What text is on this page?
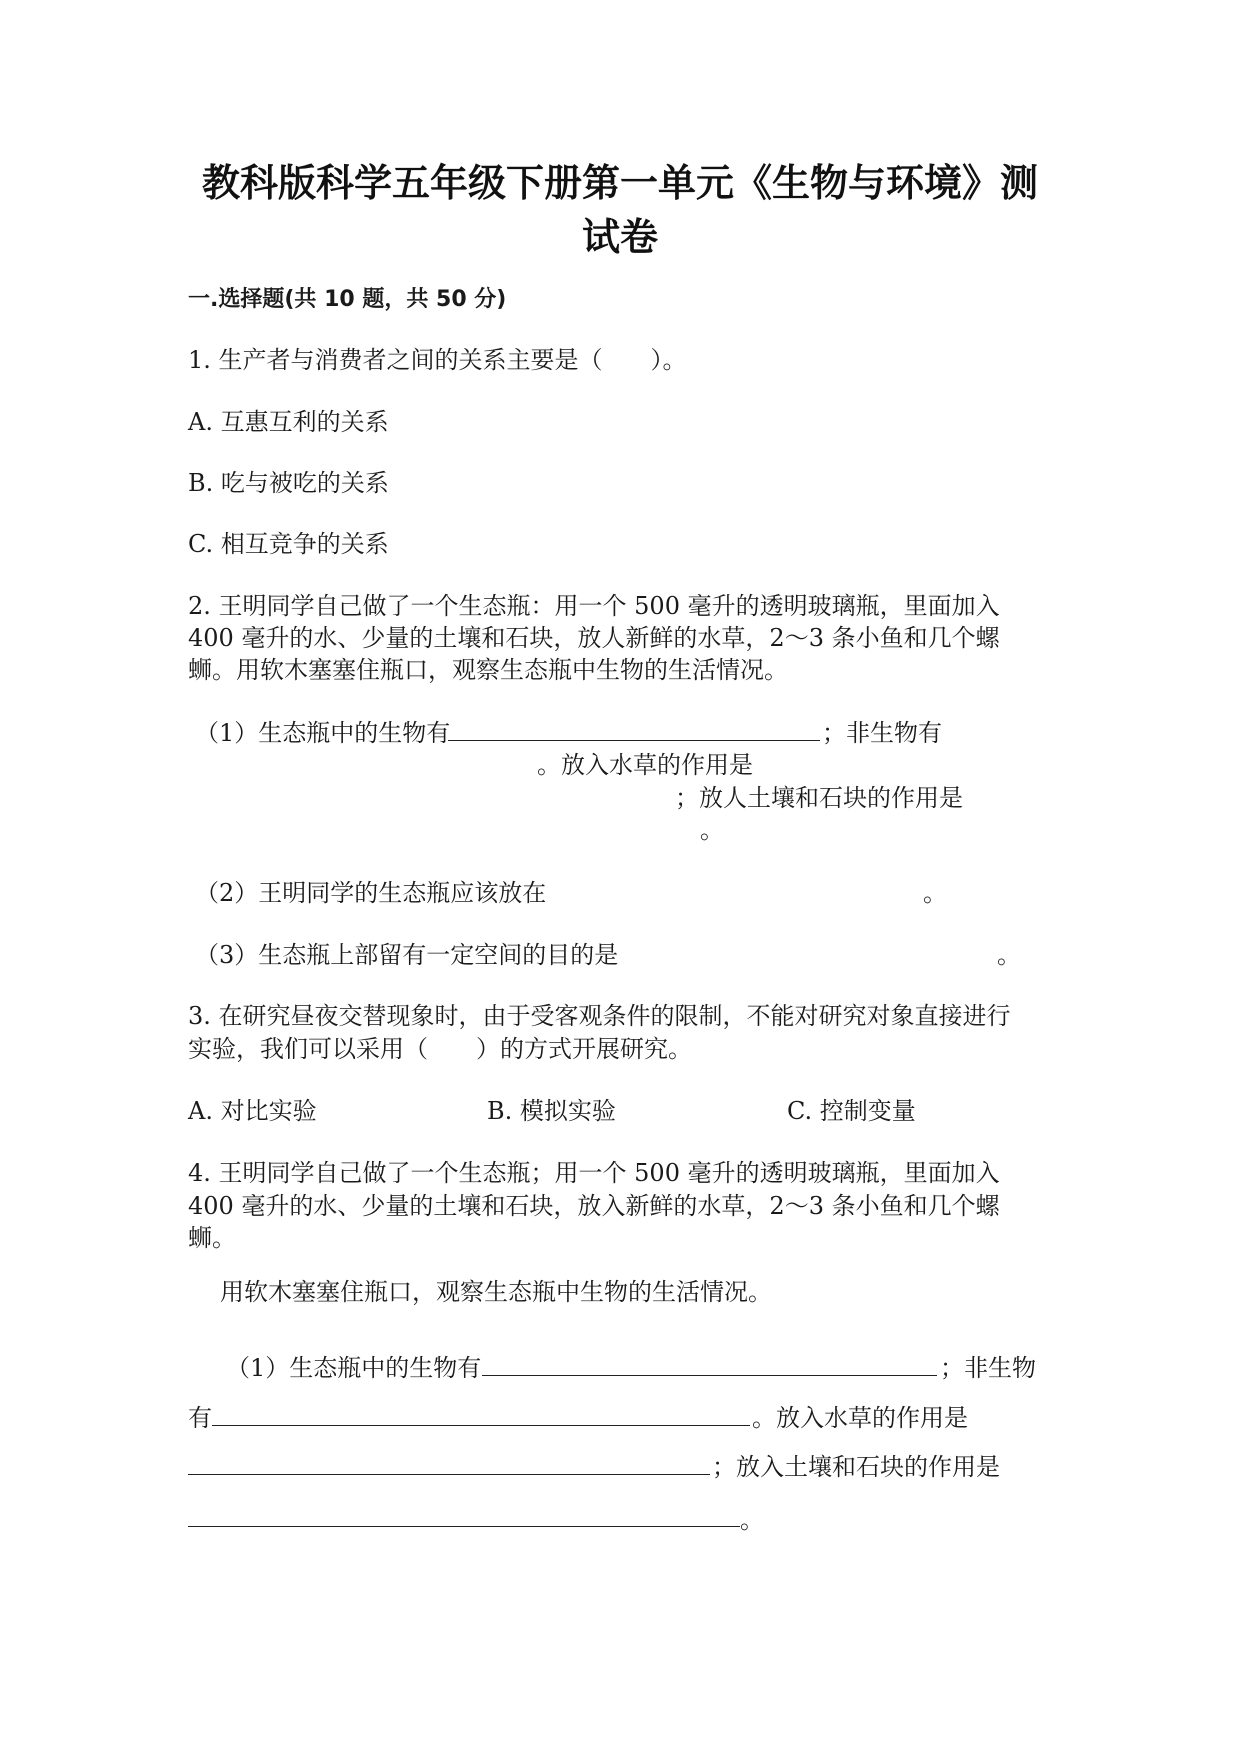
教科版科学五年级下册第一单元《生物与环境》测
试卷
一.选择题(共 10 题，共 50 分)
1. 生产者与消费者之间的关系主要是（　　）。
A. 互惠互利的关系
B. 吃与被吃的关系
C. 相互竞争的关系
2. 王明同学自己做了一个生态瓶：用一个 500 毫升的透明玻璃瓶，里面加入
400 毫升的水、少量的土壤和石块，放人新鲜的水草，2～3 条小鱼和几个螺
蛳。用软木塞塞住瓶口，观察生态瓶中生物的生活情况。
（1）生态瓶中的生物有	；非生物有
。放入水草的作用是
；放人土壤和石块的作用是
。
（2）王明同学的生态瓶应该放在	。
（3）生态瓶上部留有一定空间的目的是	。
3. 在研究昼夜交替现象时，由于受客观条件的限制，不能对研究对象直接进行
实验，我们可以采用（　　）的方式开展研究。
A. 对比实验	B. 模拟实验	C. 控制变量
4. 王明同学自己做了一个生态瓶；用一个 500 毫升的透明玻璃瓶，里面加入
400 毫升的水、少量的土壤和石块，放入新鲜的水草，2～3 条小鱼和几个螺
蛳。
用软木塞塞住瓶口，观察生态瓶中生物的生活情况。
（1）生态瓶中的生物有	；非生物
有	。放入水草的作用是
；放入土壤和石块的作用是
。
